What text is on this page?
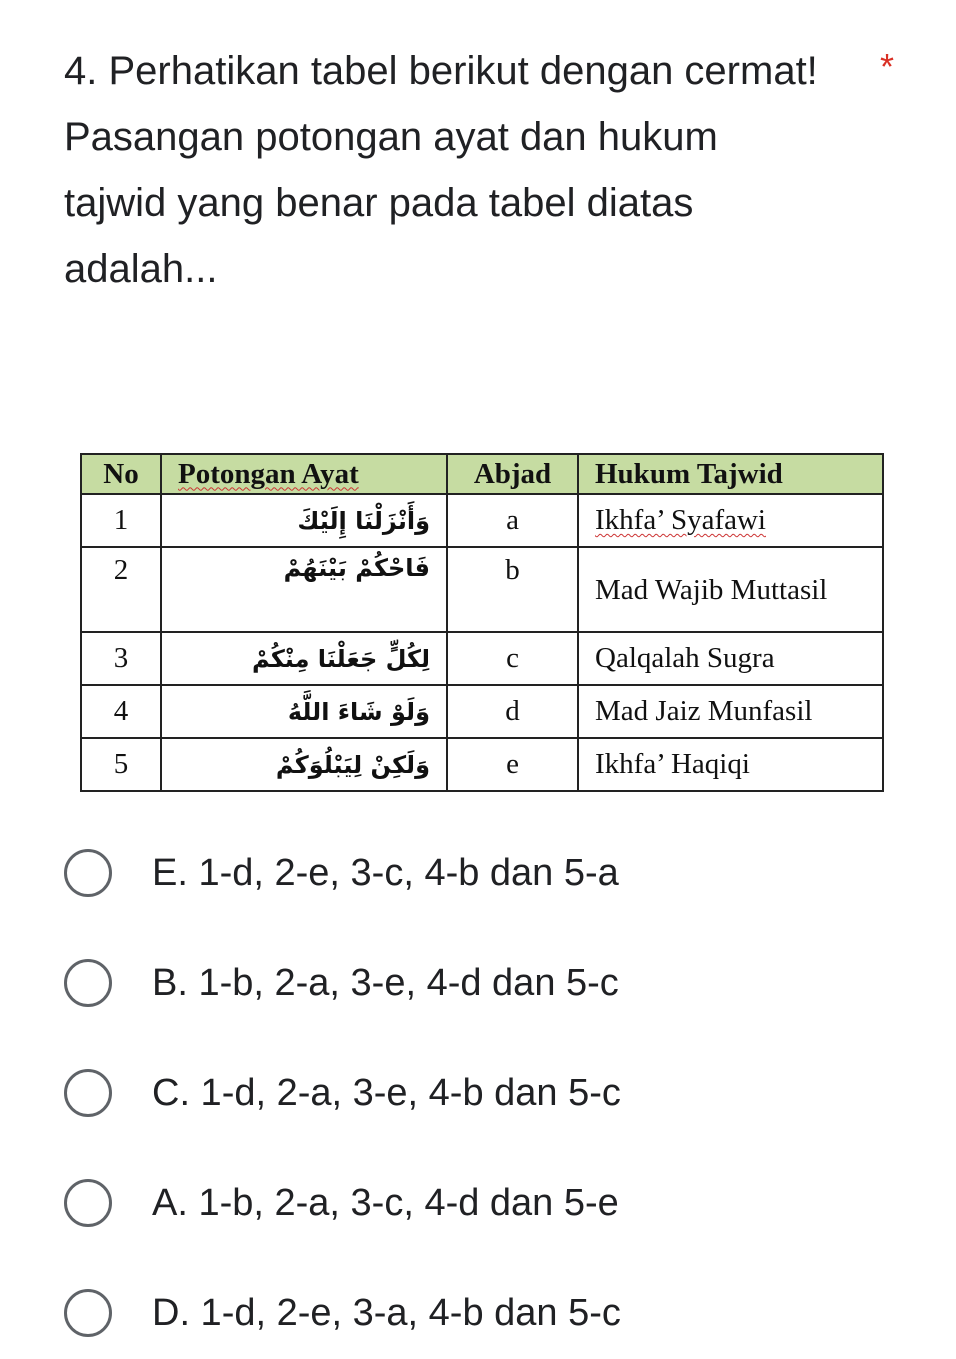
4. Perhatikan tabel berikut dengan cermat!
Pasangan potongan ayat dan hukum tajwid yang benar pada tabel diatas adalah...
*
No	Potongan Ayat	Abjad	Hukum Tajwid
1	وَأَنْزَلْنَا إِلَيْكَ	a	Ikhfa’ Syafawi
2	فَاحْكُمْ بَيْنَهُمْ	b	Mad Wajib Muttasil
3	لِكُلٍّ جَعَلْنَا مِنْكُمْ	c	Qalqalah Sugra
4	وَلَوْ شَاءَ اللَّهُ	d	Mad Jaiz Munfasil
5	وَلَكِنْ لِيَبْلُوَكُمْ	e	Ikhfa’ Haqiqi
E. 1-d, 2-e, 3-c, 4-b dan 5-a
B. 1-b, 2-a, 3-e, 4-d dan 5-c
C. 1-d, 2-a, 3-e, 4-b dan 5-c
A. 1-b, 2-a, 3-c, 4-d dan 5-e
D. 1-d, 2-e, 3-a, 4-b dan 5-c
